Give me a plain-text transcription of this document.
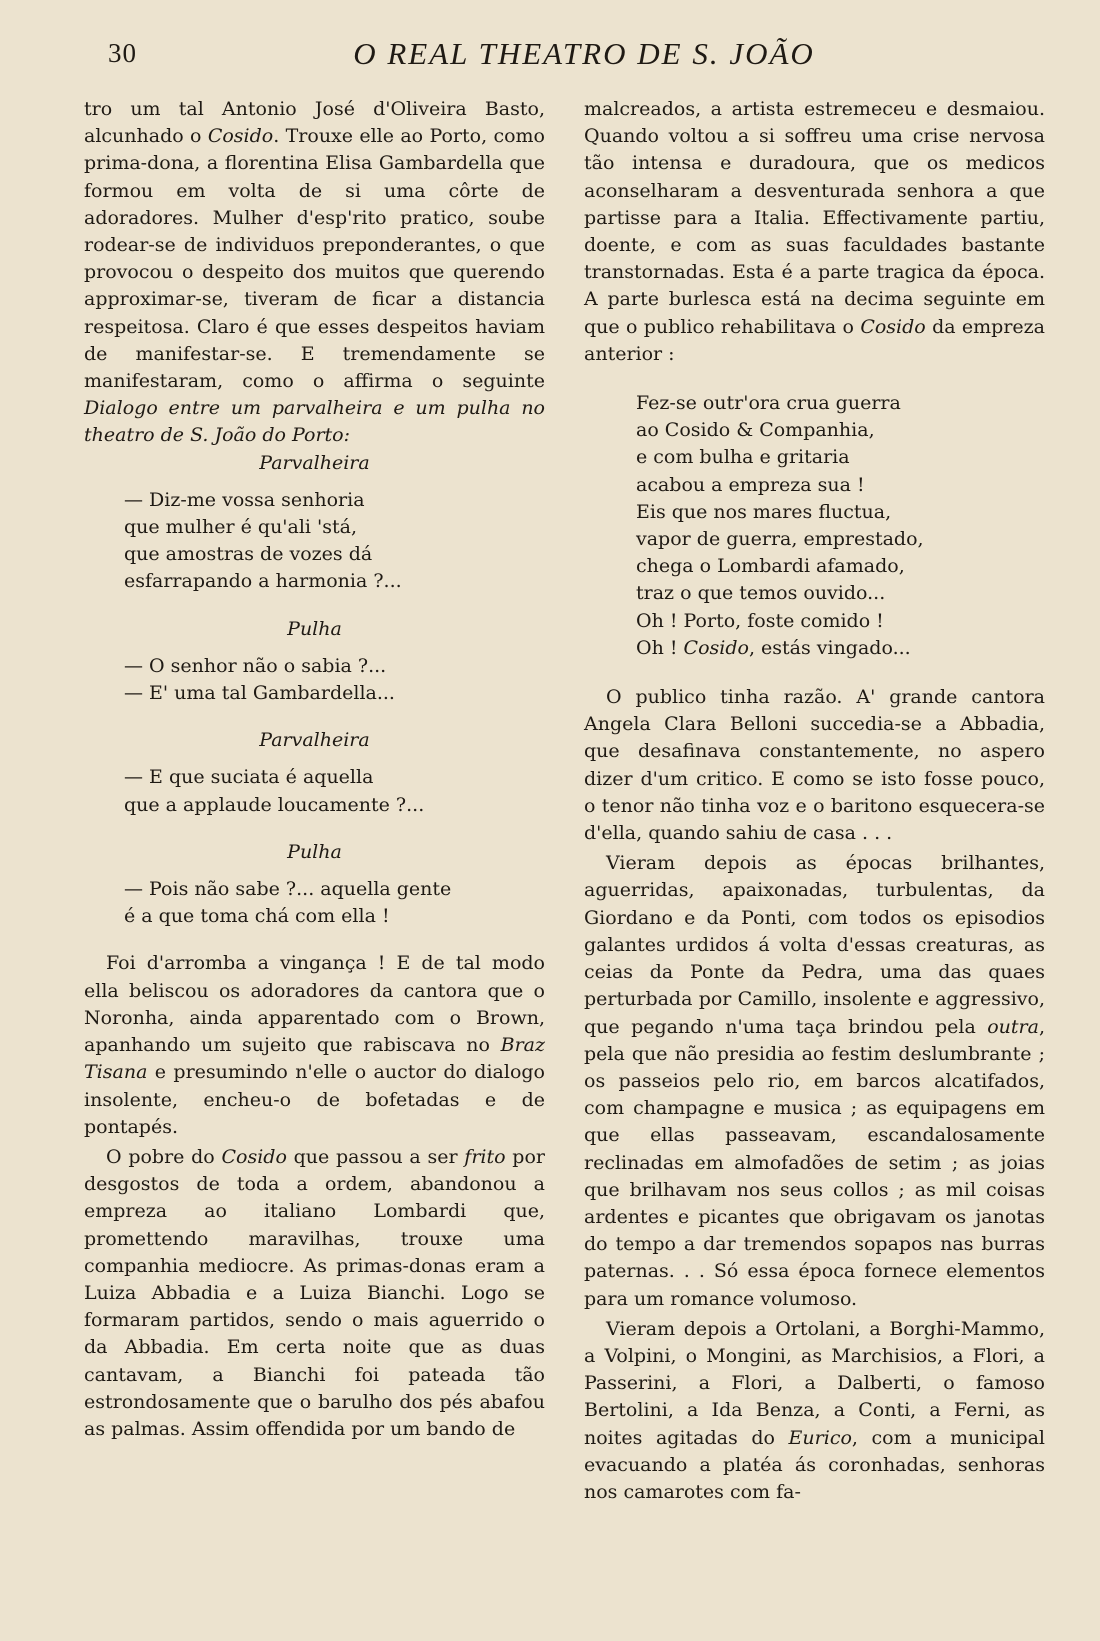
30	O REAL THEATRO DE S. JOÃO

tro um tal Antonio José d'Oliveira Basto, alcunhado o Cosido. Trouxe elle ao Porto, como prima-dona, a florentina Elisa Gambardella que formou em volta de si uma côrte de adoradores. Mulher d'esp'rito pratico, soube rodear-se de individuos preponderantes, o que provocou o despeito dos muitos que querendo approximar-se, tiveram de ficar a distancia respeitosa. Claro é que esses despeitos haviam de manifestar-se. E tremendamente se manifestaram, como o affirma o seguinte Dialogo entre um parvalheira e um pulha no theatro de S. João do Porto:

Parvalheira
— Diz-me vossa senhoria
que mulher é qu'ali 'stá,
que amostras de vozes dá
esfarrapando a harmonia ?...
Pulha
— O senhor não o sabia ?...
— E' uma tal Gambardella...
Parvalheira
— E que suciata é aquella
que a applaude loucamente ?...
Pulha
— Pois não sabe ?... aquella gente
é a que toma chá com ella !

Foi d'arromba a vingança ! E de tal modo ella beliscou os adoradores da cantora que o Noronha, ainda apparentado com o Brown, apanhando um sujeito que rabiscava no Braz Tisana e presumindo n'elle o auctor do dialogo insolente, encheu-o de bofetadas e de pontapés.

O pobre do Cosido que passou a ser frito por desgostos de toda a ordem, abandonou a empreza ao italiano Lombardi que, promettendo maravilhas, trouxe uma companhia mediocre. As primas-donas eram a Luiza Abbadia e a Luiza Bianchi. Logo se formaram partidos, sendo o mais aguerrido o da Abbadia. Em certa noite que as duas cantavam, a Bianchi foi pateada tão estrondosamente que o barulho dos pés abafou as palmas. Assim offendida por um bando de

malcreados, a artista estremeceu e desmaiou. Quando voltou a si soffreu uma crise nervosa tão intensa e duradoura, que os medicos aconselharam a desventurada senhora a que partisse para a Italia. Effectivamente partiu, doente, e com as suas faculdades bastante transtornadas. Esta é a parte tragica da época. A parte burlesca está na decima seguinte em que o publico rehabilitava o Cosido da empreza anterior :

Fez-se outr'ora crua guerra
ao Cosido & Companhia,
e com bulha e gritaria
acabou a empreza sua !
Eis que nos mares fluctua,
vapor de guerra, emprestado,
chega o Lombardi afamado,
traz o que temos ouvido...
Oh ! Porto, foste comido !
Oh ! Cosido, estás vingado...

O publico tinha razão. A' grande cantora Angela Clara Belloni succedia-se a Abbadia, que desafinava constantemente, no aspero dizer d'um critico. E como se isto fosse pouco, o tenor não tinha voz e o baritono esquecera-se d'ella, quando sahiu de casa . . .

Vieram depois as épocas brilhantes, aguerridas, apaixonadas, turbulentas, da Giordano e da Ponti, com todos os episodios galantes urdidos á volta d'essas creaturas, as ceias da Ponte da Pedra, uma das quaes perturbada por Camillo, insolente e aggressivo, que pegando n'uma taça brindou pela outra, pela que não presidia ao festim deslumbrante ; os passeios pelo rio, em barcos alcatifados, com champagne e musica ; as equipagens em que ellas passeavam, escandalosamente reclinadas em almofadões de setim ; as joias que brilhavam nos seus collos ; as mil coisas ardentes e picantes que obrigavam os janotas do tempo a dar tremendos sopapos nas burras paternas. . . Só essa época fornece elementos para um romance volumoso.

Vieram depois a Ortolani, a Borghi-Mammo, a Volpini, o Mongini, as Marchisios, a Flori, a Passerini, a Flori, a Dalberti, o famoso Bertolini, a Ida Benza, a Conti, a Ferni, as noites agitadas do Eurico, com a municipal evacuando a platéa ás coronhadas, senhoras nos camarotes com fa-
